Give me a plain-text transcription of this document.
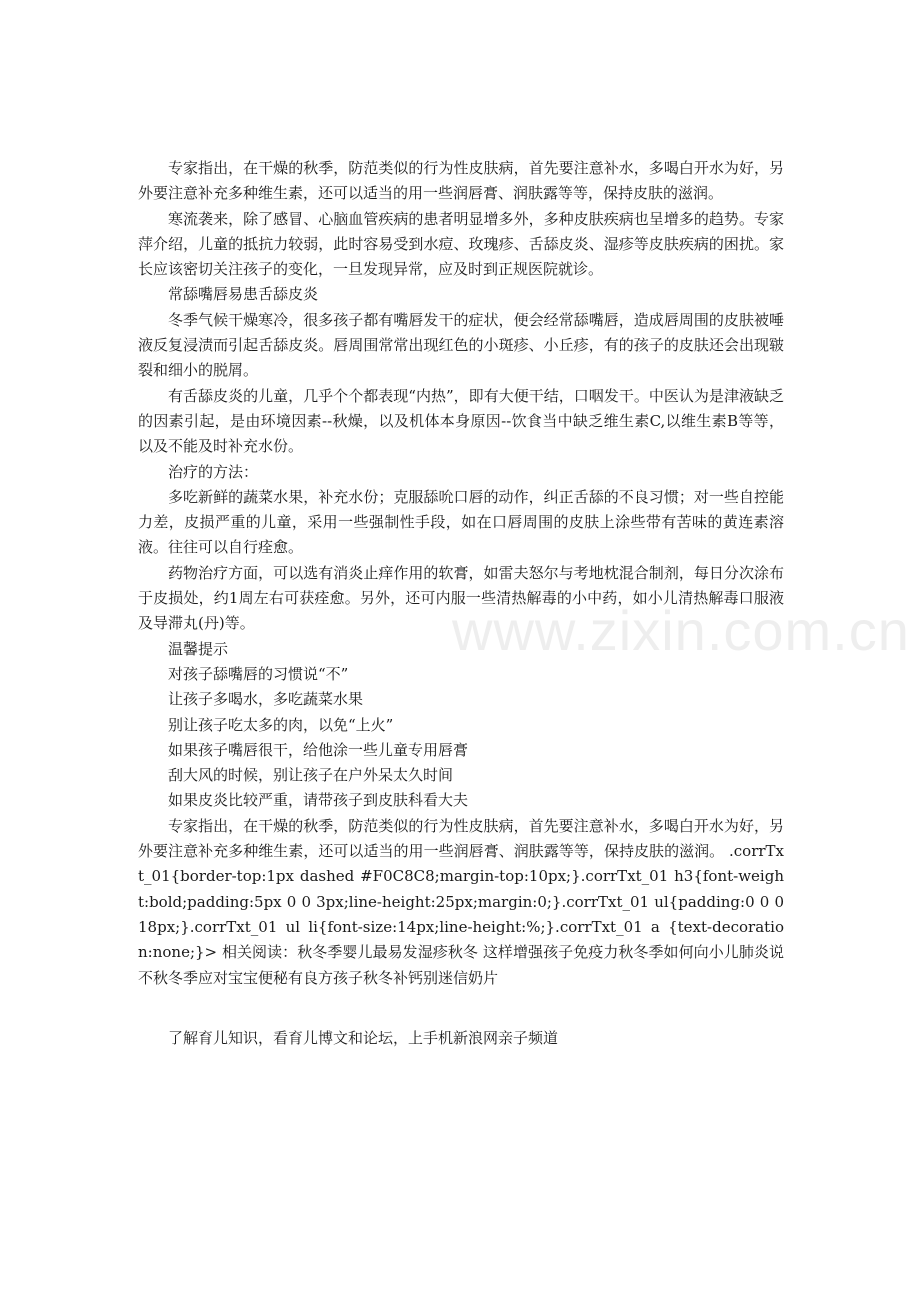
专家指出，在干燥的秋季，防范类似的行为性皮肤病，首先要注意补水，多喝白开水为好，另外要注意补充多种维生素，还可以适当的用一些润唇膏、润肤露等等，保持皮肤的滋润。

寒流袭来，除了感冒、心脑血管疾病的患者明显增多外，多种皮肤疾病也呈增多的趋势。专家萍介绍，儿童的抵抗力较弱，此时容易受到水痘、玫瑰疹、舌舔皮炎、湿疹等皮肤疾病的困扰。家长应该密切关注孩子的变化，一旦发现异常，应及时到正规医院就诊。

常舔嘴唇易患舌舔皮炎

冬季气候干燥寒冷，很多孩子都有嘴唇发干的症状，便会经常舔嘴唇，造成唇周围的皮肤被唾液反复浸渍而引起舌舔皮炎。唇周围常常出现红色的小斑疹、小丘疹，有的孩子的皮肤还会出现皲裂和细小的脱屑。

有舌舔皮炎的儿童，几乎个个都表现“内热”，即有大便干结，口咽发干。中医认为是津液缺乏的因素引起，是由环境因素--秋燥，以及机体本身原因--饮食当中缺乏维生素C,以维生素B等等，以及不能及时补充水份。

治疗的方法：

多吃新鲜的蔬菜水果，补充水份；克服舔吮口唇的动作，纠正舌舔的不良习惯；对一些自控能力差，皮损严重的儿童，采用一些强制性手段，如在口唇周围的皮肤上涂些带有苦味的黄连素溶液。往往可以自行痊愈。

药物治疗方面，可以选有消炎止痒作用的软膏，如雷夫怒尔与考地枕混合制剂，每日分次涂布于皮损处，约1周左右可获痊愈。另外，还可内服一些清热解毒的小中药，如小儿清热解毒口服液及导滞丸(丹)等。

温馨提示

对孩子舔嘴唇的习惯说“不”

让孩子多喝水，多吃蔬菜水果

别让孩子吃太多的肉，以免“上火”

如果孩子嘴唇很干，给他涂一些儿童专用唇膏

刮大风的时候，别让孩子在户外呆太久时间

如果皮炎比较严重，请带孩子到皮肤科看大夫

专家指出，在干燥的秋季，防范类似的行为性皮肤病，首先要注意补水，多喝白开水为好，另外要注意补充多种维生素，还可以适当的用一些润唇膏、润肤露等等，保持皮肤的滋润。 .corrTxt_01{border-top:1px dashed #F0C8C8;margin-top:10px;}.corrTxt_01 h3{font-weight:bold;padding:5px 0 0 3px;line-height:25px;margin:0;}.corrTxt_01 ul{padding:0 0 0 18px;}.corrTxt_01 ul li{font-size:14px;line-height:%;}.corrTxt_01 a {text-decoration:none;}> 相关阅读：秋冬季婴儿最易发湿疹秋冬 这样增强孩子免疫力秋冬季如何向小儿肺炎说不秋冬季应对宝宝便秘有良方孩子秋冬补钙别迷信奶片

www.zixin.com.cn
了解育儿知识，看育儿博文和论坛，上手机新浪网亲子频道
